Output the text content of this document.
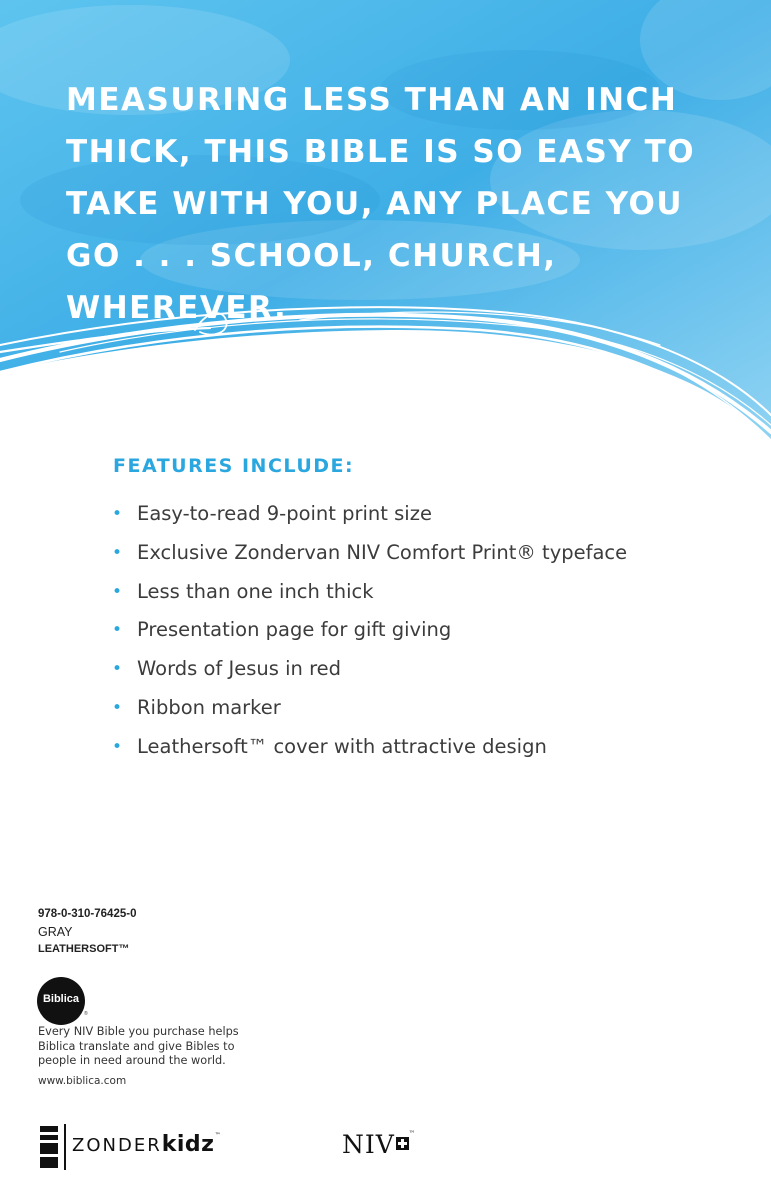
MEASURING LESS THAN AN INCH THICK, THIS BIBLE IS SO EASY TO TAKE WITH YOU, ANY PLACE YOU GO . . . SCHOOL, CHURCH, WHEREVER.

FEATURES INCLUDE:
• Easy-to-read 9-point print size
• Exclusive Zondervan NIV Comfort Print® typeface
• Less than one inch thick
• Presentation page for gift giving
• Words of Jesus in red
• Ribbon marker
• Leathersoft™ cover with attractive design
978-0-310-76425-0
GRAY
LEATHERSOFT™
Biblica
®

Every NIV Bible you purchase helps Biblica translate and give Bibles to people in need around the world.

www.biblica.com
ZONDERkidz™	NIV ™
